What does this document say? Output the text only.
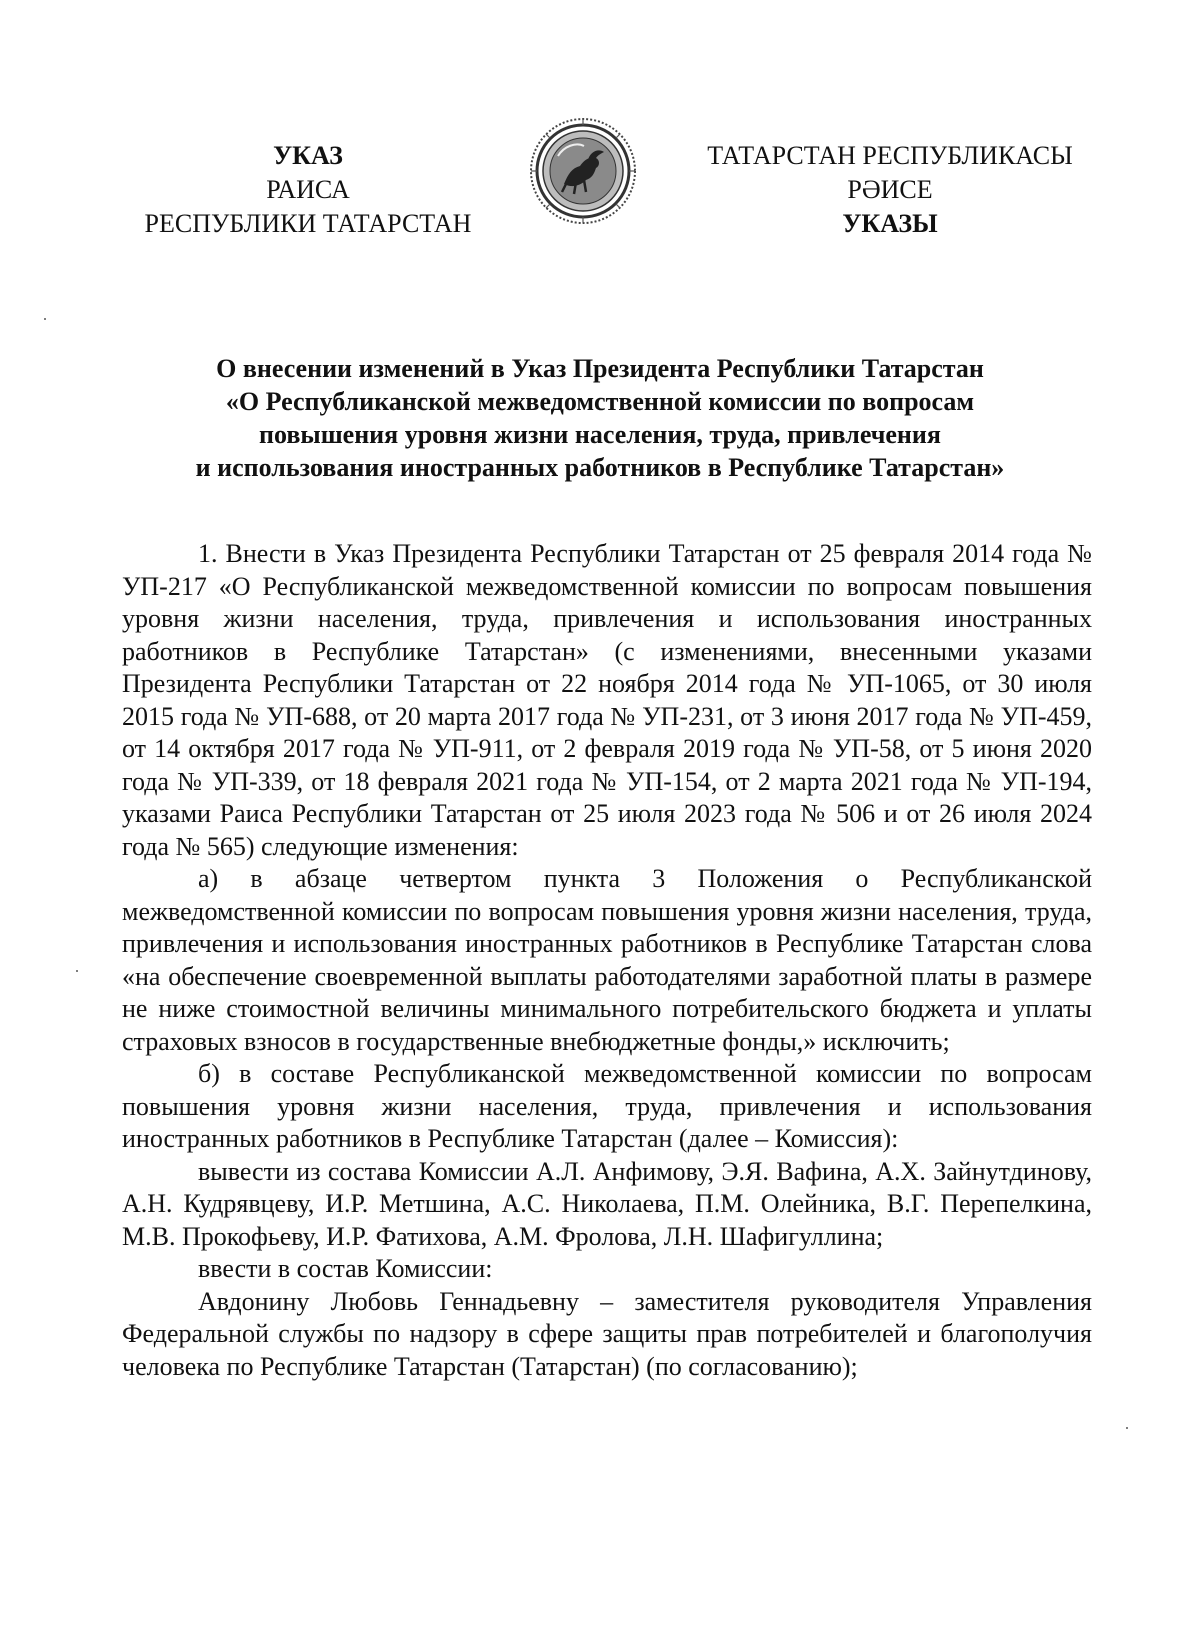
УКАЗ
РАИСА
РЕСПУБЛИКИ ТАТАРСТАН
ТАТАРСТАН РЕСПУБЛИКАСЫ
РӘИСЕ
УКАЗЫ
О внесении изменений в Указ Президента Республики Татарстан
«О Республиканской межведомственной комиссии по вопросам
повышения уровня жизни населения, труда, привлечения
и использования иностранных работников в Республике Татарстан»

1. Внести в Указ Президента Республики Татарстан от 25 февраля 2014 года № УП-217 «О Республиканской межведомственной комиссии по вопросам повышения уровня жизни населения, труда, привлечения и использования иностранных работников в Республике Татарстан» (с изменениями, внесенными указами Президента Республики Татарстан от 22 ноября 2014 года № УП-1065, от 30 июля 2015 года № УП-688, от 20 марта 2017 года № УП-231, от 3 июня 2017 года № УП-459, от 14 октября 2017 года № УП-911, от 2 февраля 2019 года № УП-58, от 5 июня 2020 года № УП-339, от 18 февраля 2021 года № УП-154, от 2 марта 2021 года № УП-194, указами Раиса Республики Татарстан от 25 июля 2023 года № 506 и от 26 июля 2024 года № 565) следующие изменения:

а) в абзаце четвертом пункта 3 Положения о Республиканской межведомственной комиссии по вопросам повышения уровня жизни населения, труда, привлечения и использования иностранных работников в Республике Татарстан слова «на обеспечение своевременной выплаты работодателями заработной платы в размере не ниже стоимостной величины минимального потребительского бюджета и уплаты страховых взносов в государственные внебюджетные фонды,» исключить;

б) в составе Республиканской межведомственной комиссии по вопросам повышения уровня жизни населения, труда, привлечения и использования иностранных работников в Республике Татарстан (далее – Комиссия):

вывести из состава Комиссии А.Л. Анфимову, Э.Я. Вафина, А.Х. Зайнутдинову, А.Н. Кудрявцеву, И.Р. Метшина, А.С. Николаева, П.М. Олейника, В.Г. Перепелкина, М.В. Прокофьеву, И.Р. Фатихова, А.М. Фролова, Л.Н. Шафигуллина;

ввести в состав Комиссии:

Авдонину Любовь Геннадьевну – заместителя руководителя Управления Федеральной службы по надзору в сфере защиты прав потребителей и благополучия человека по Республике Татарстан (Татарстан) (по согласованию);
